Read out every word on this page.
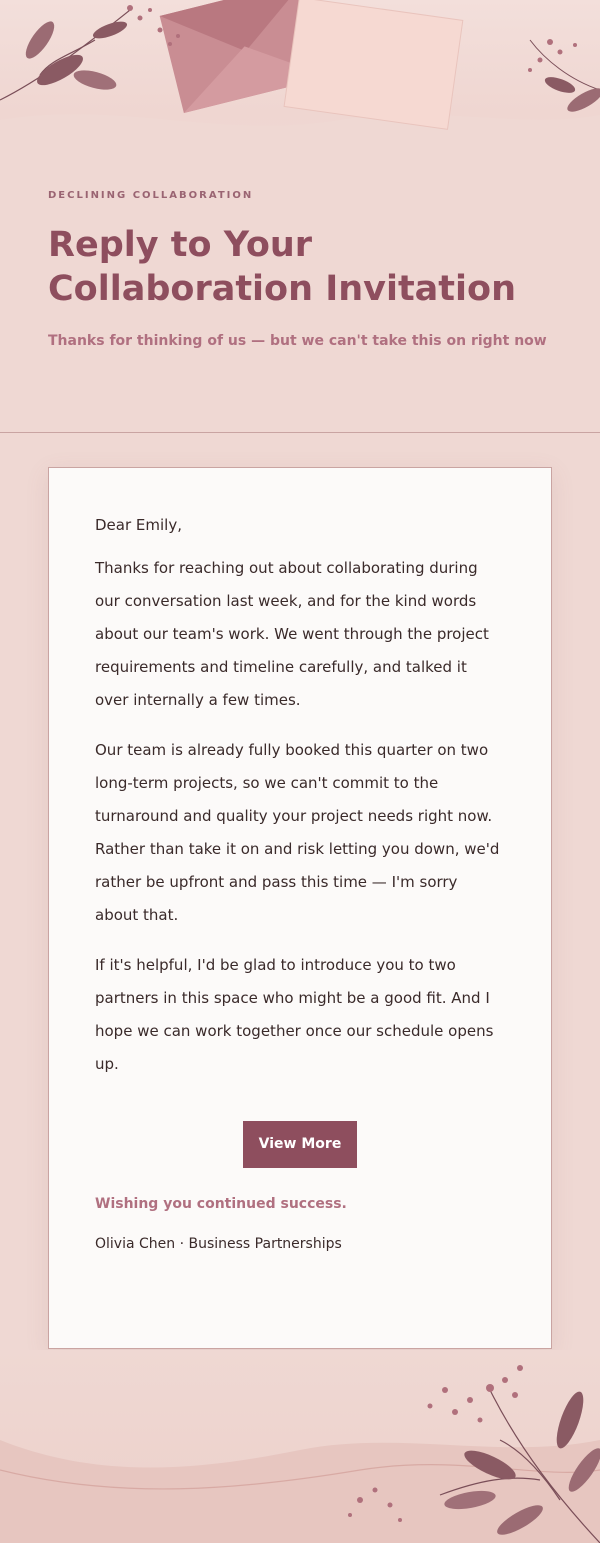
DECLINING COLLABORATION
Reply to Your Collaboration Invitation
Thanks for thinking of us — but we can't take this on right now
Dear Emily,

Thanks for reaching out about collaborating during our conversation last week, and for the kind words about our team's work. We went through the project requirements and timeline carefully, and talked it over internally a few times.

Our team is already fully booked this quarter on two long-term projects, so we can't commit to the turnaround and quality your project needs right now. Rather than take it on and risk letting you down, we'd rather be upfront and pass this time — I'm sorry about that.

If it's helpful, I'd be glad to introduce you to two partners in this space who might be a good fit. And I hope we can work together once our schedule opens up.

View More
Wishing you continued success.
Olivia Chen · Business Partnerships
